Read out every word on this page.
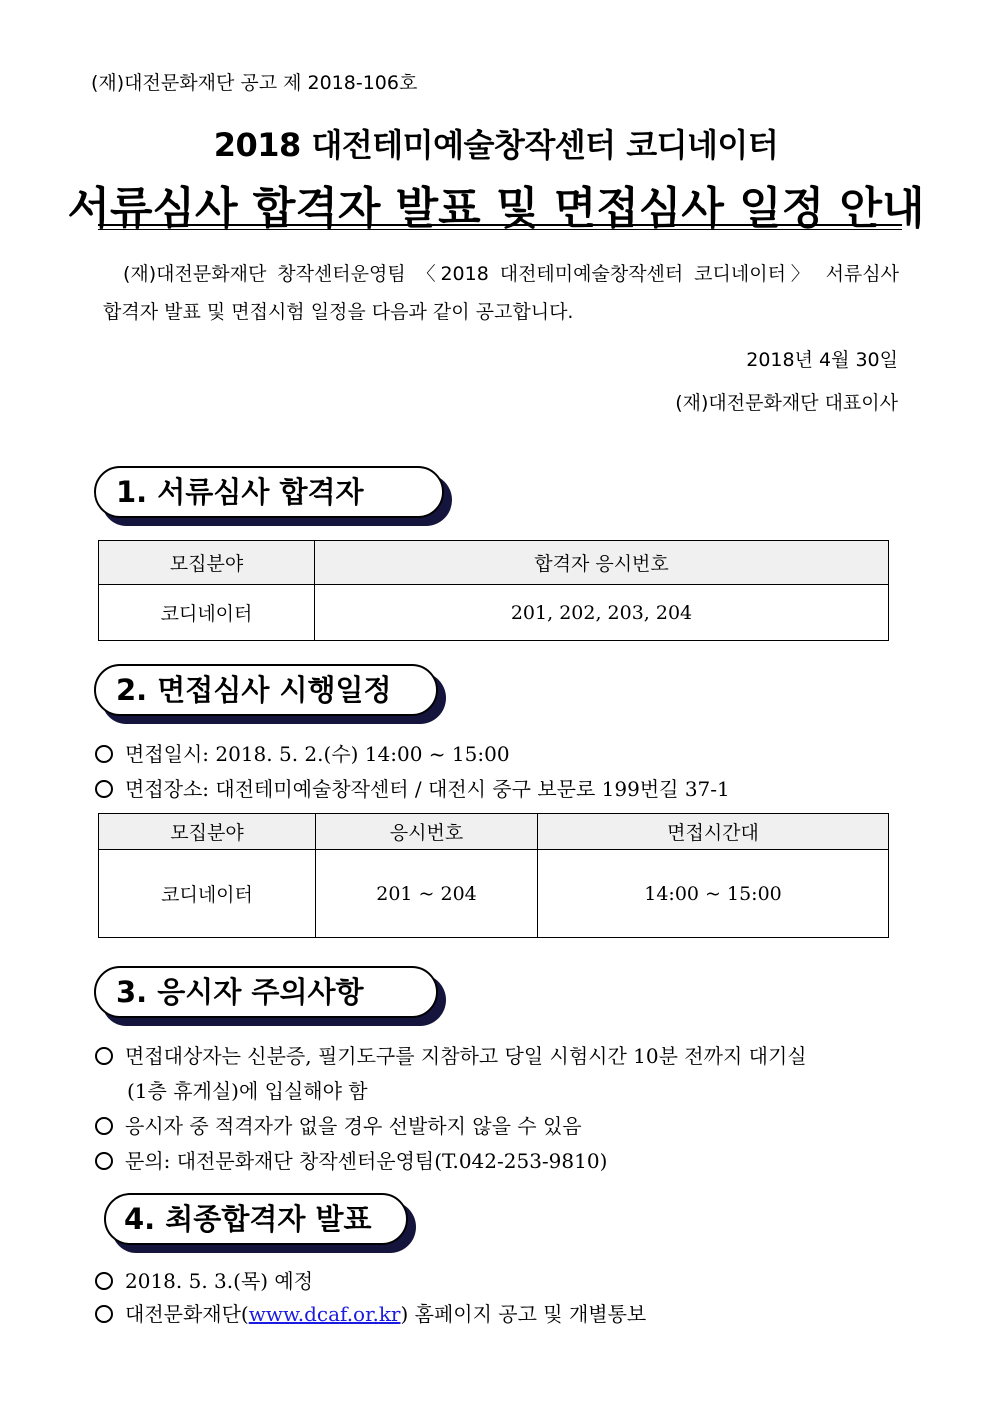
(재)대전문화재단 공고 제 2018-106호
2018 대전테미예술창작센터 코디네이터
서류심사 합격자 발표 및 면접심사 일정 안내
(재)대전문화재단 창작센터운영팀 〈2018 대전테미예술창작센터 코디네이터〉 서류심사
합격자 발표 및 면접시험 일정을 다음과 같이 공고합니다.
2018년 4월 30일
(재)대전문화재단 대표이사
1. 서류심사 합격자
모집분야	합격자 응시번호
코디네이터	201, 202, 203, 204
2. 면접심사 시행일정
면접일시: 2018. 5. 2.(수) 14:00 ~ 15:00
면접장소: 대전테미예술창작센터 / 대전시 중구 보문로 199번길 37-1
모집분야	응시번호	면접시간대
코디네이터	201 ~ 204	14:00 ~ 15:00
3. 응시자 주의사항
면접대상자는 신분증, 필기도구를 지참하고 당일 시험시간 10분 전까지 대기실
(1층 휴게실)에 입실해야 함
응시자 중 적격자가 없을 경우 선발하지 않을 수 있음
문의: 대전문화재단 창작센터운영팀(T.042-253-9810)
4. 최종합격자 발표
2018. 5. 3.(목) 예정
대전문화재단(www.dcaf.or.kr) 홈페이지 공고 및 개별통보
